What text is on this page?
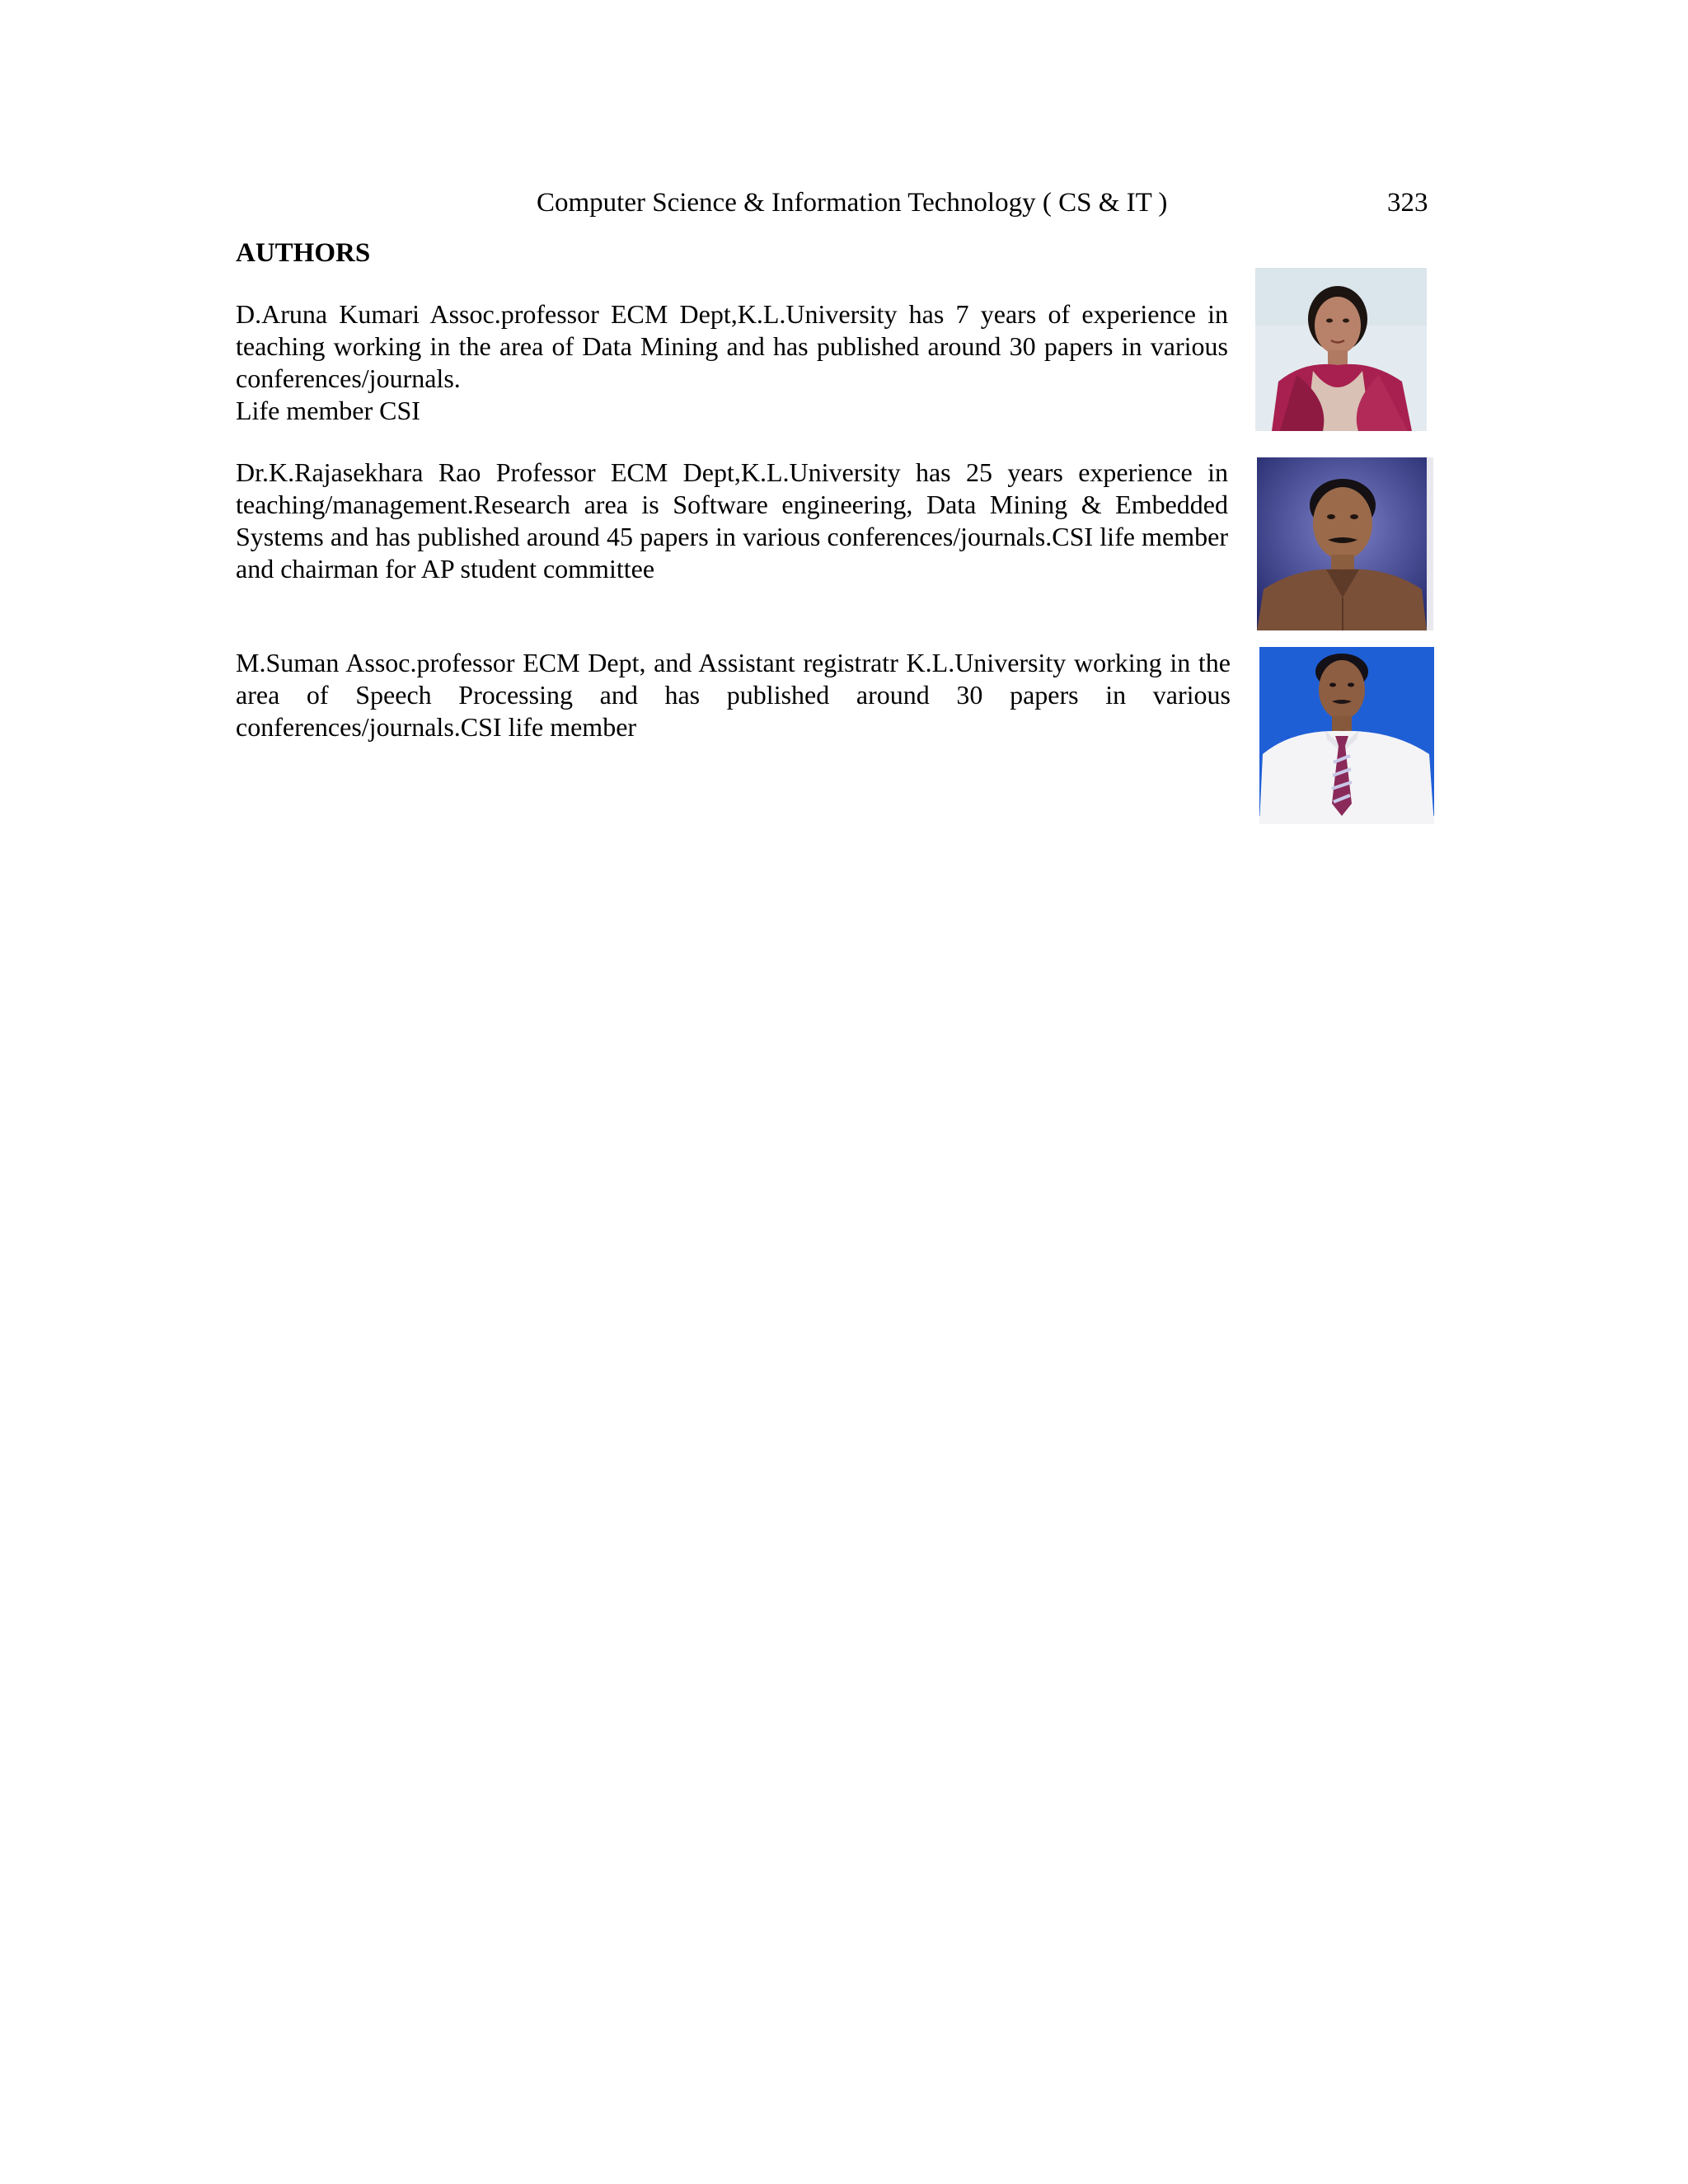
Computer Science & Information Technology ( CS & IT )	323
AUTHORS

D.Aruna Kumari Assoc.professor ECM Dept,K.L.University has 7 years of experience in teaching working in the area of Data Mining and has published around 30 papers in various conferences/journals.

Life member CSI

Dr.K.Rajasekhara Rao Professor ECM Dept,K.L.University has 25 years experience in teaching/management.Research area is Software engineering, Data Mining & Embedded Systems and has published around 45 papers in various conferences/journals.CSI life member and chairman for AP student committee

M.Suman Assoc.professor ECM Dept, and Assistant registratr K.L.University working in the area of Speech Processing and has published around 30 papers in various conferences/journals.CSI life member
